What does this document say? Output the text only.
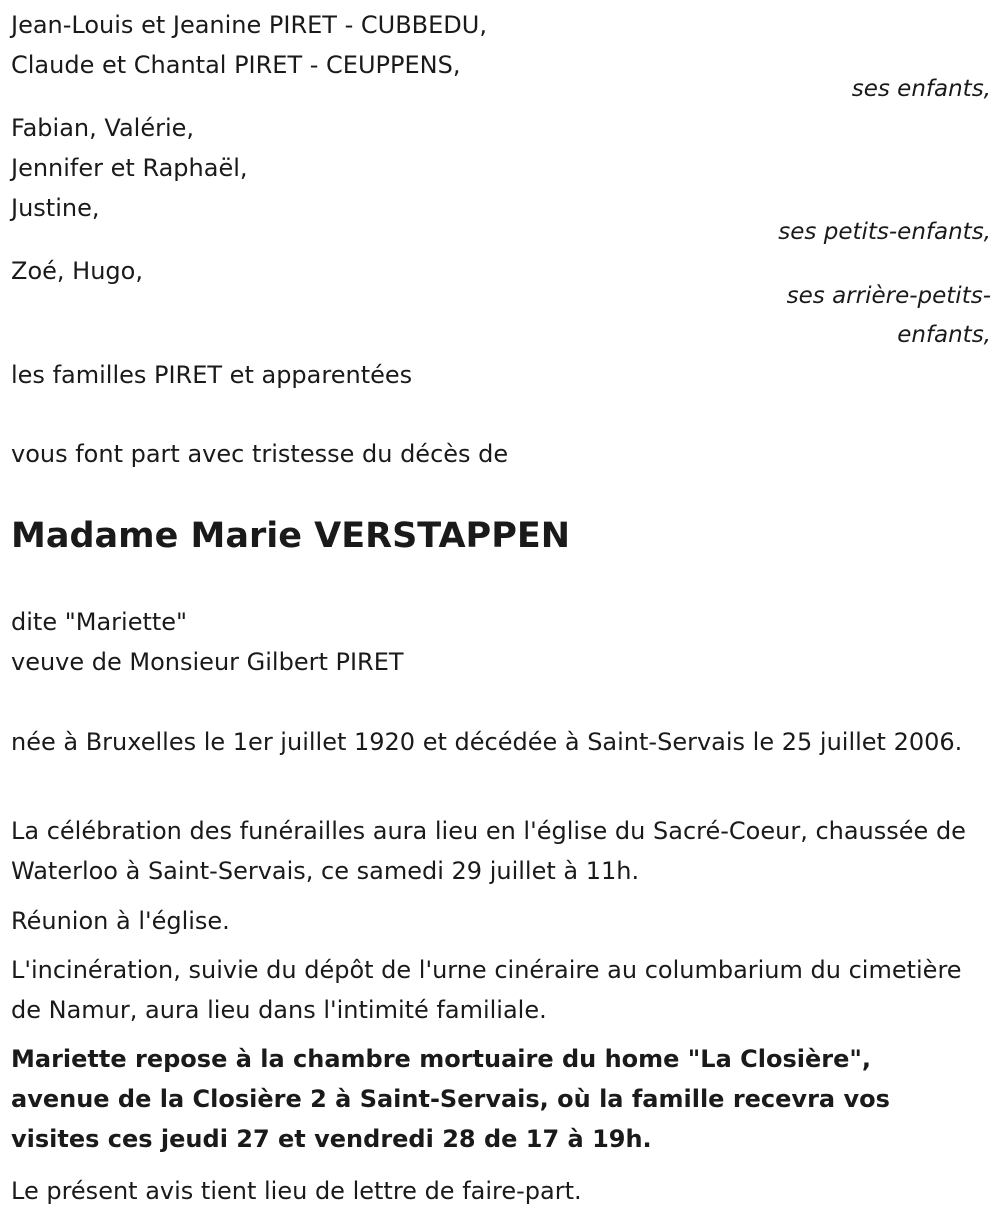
Jean-Louis et Jeanine PIRET - CUBBEDU,

Claude et Chantal PIRET - CEUPPENS,

ses enfants,

Fabian, Valérie,

Jennifer et Raphaël,

Justine,

ses petits-enfants,

Zoé, Hugo,

ses arrière-petits-

enfants,

les familles PIRET et apparentées

vous font part avec tristesse du décès de

Madame Marie VERSTAPPEN

dite "Mariette"

veuve de Monsieur Gilbert PIRET

née à Bruxelles le 1er juillet 1920 et décédée à Saint-Servais le 25 juillet 2006.

La célébration des funérailles aura lieu en l'église du Sacré-Coeur, chaussée de Waterloo à Saint-Servais, ce samedi 29 juillet à 11h.

Réunion à l'église.

L'incinération, suivie du dépôt de l'urne cinéraire au columbarium du cimetière de Namur, aura lieu dans l'intimité familiale.

Mariette repose à la chambre mortuaire du home "La Closière", avenue de la Closière 2 à Saint-Servais, où la famille recevra vos visites ces jeudi 27 et vendredi 28 de 17 à 19h.

Le présent avis tient lieu de lettre de faire-part.
